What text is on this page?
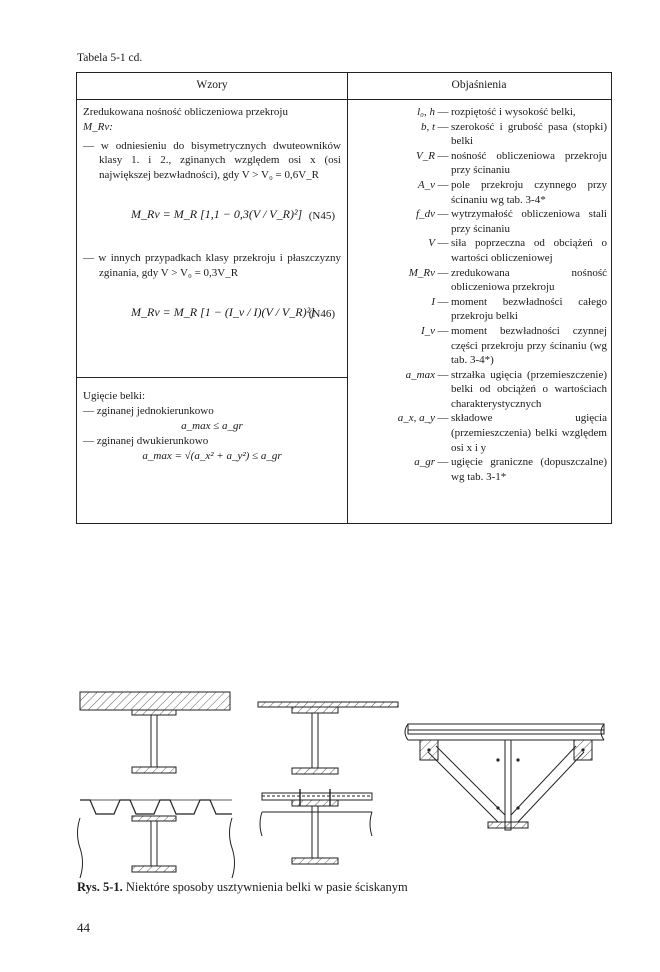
Tabela 5-1 cd.
Wzory	Objaśnienia

Zredukowana nośność obliczeniowa przekroju

M_Rv:

— w odniesieniu do bisymetrycznych dwuteowników klasy 1. i 2., zginanych względem osi x (osi największej bezwładności), gdy V > V₀ = 0,6V_R

M_Rv = M_R [1,1 − 0,3(V / V_R)²] (N45)

— w innych przypadkach klasy przekroju i płaszczyzny zginania, gdy V > V₀ = 0,3V_R

M_Rv = M_R [1 − (I_v / I)(V / V_R)²]
(N46)

Ugięcie belki:

— zginanej jednokierunkowo

a_max ≤ a_gr

— zginanej dwukierunkowo

a_max = √(a_x² + a_y²) ≤ a_gr

l₀, h — rozpiętość i wysokość belki,
b, t — szerokość i grubość pasa (stopki) belki
V_R — nośność obliczeniowa przekroju przy ścinaniu
A_v — pole przekroju czynnego przy ścinaniu wg tab. 3-4*
f_dv — wytrzymałość obliczeniowa stali przy ścinaniu
V — siła poprzeczna od obciążeń o wartości obliczeniowej
M_Rv — zredukowana nośność obliczeniowa przekroju
I — moment bezwładności całego przekroju belki
I_v — moment bezwładności czynnej części przekroju przy ścinaniu (wg tab. 3-4*)
a_max — strzałka ugięcia (przemieszczenie) belki od obciążeń o wartościach charakterystycznych
a_x, a_y — składowe ugięcia (przemieszczenia) belki względem osi x i y
a_gr — ugięcie graniczne (dopuszczalne) wg tab. 3-1*
Rys. 5-1. Niektóre sposoby usztywnienia belki w pasie ściskanym
44
